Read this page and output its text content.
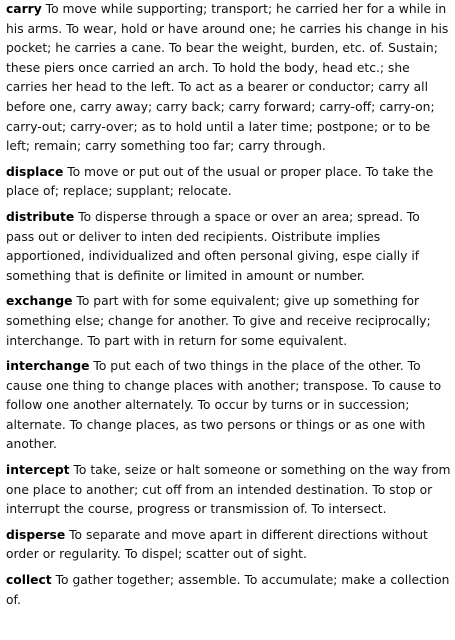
carry To move while supporting; transport; he carried her for a while in his arms. To wear, hold or have around one; he carries his change in his pocket; he carries a cane. To bear the weight, burden, etc. of. Sustain; these piers once carried an arch. To hold the body, head etc.; she carries her head to the left. To act as a bearer or conductor; carry all before one, carry away; carry back; carry forward; carry-off; carry-on; carry-out; carry-over; as to hold until a later time; postpone; or to be left; remain; carry something too far; carry through.

displace To move or put out of the usual or proper place. To take the place of; replace; supplant; relocate.

distribute To disperse through a space or over an area; spread. To pass out or deliver to inten ded recipients. Oistribute implies apportioned, individualized and often personal giving, espe cially if something that is definite or limited in amount or number.

exchange To part with for some equivalent; give up something for something else; change for another. To give and receive reciprocally; interchange. To part with in return for some equivalent.

interchange To put each of two things in the place of the other. To cause one thing to change places with another; transpose. To cause to follow one another alternately. To occur by turns or in succession; alternate. To change places, as two persons or things or as one with another.

intercept To take, seize or halt someone or something on the way from one place to another; cut off from an intended destination. To stop or interrupt the course, progress or transmission of. To intersect.

disperse To separate and move apart in different directions without order or regularity. To dispel; scatter out of sight.

collect To gather together; assemble. To accumulate; make a collection of.
